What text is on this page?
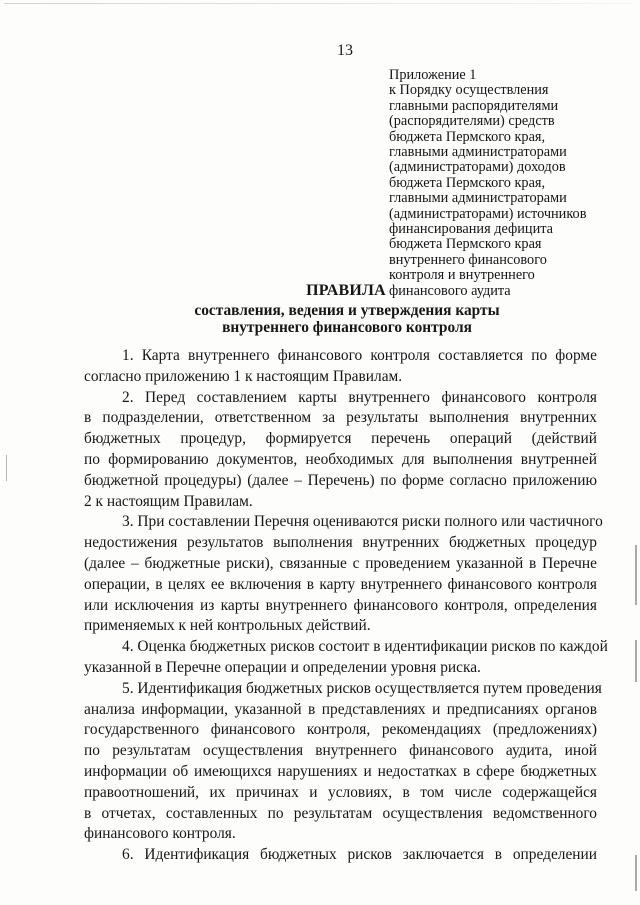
13
Приложение 1
к Порядку осуществления
главными распорядителями
(распорядителями) средств
бюджета Пермского края,
главными администраторами
(администраторами) доходов
бюджета Пермского края,
главными администраторами
(администраторами) источников
финансирования дефицита
бюджета Пермского края
внутреннего финансового
контроля и внутреннего
финансового аудита
ПРАВИЛА
составления, ведения и утверждения карты
внутреннего финансового контроля
1. Карта внутреннего финансового контроля составляется по форме
согласно приложению 1 к настоящим Правилам.
2. Перед составлением карты внутреннего финансового контроля
в подразделении, ответственном за результаты выполнения внутренних
бюджетных процедур, формируется перечень операций (действий
по формированию документов, необходимых для выполнения внутренней
бюджетной процедуры) (далее – Перечень) по форме согласно приложению
2 к настоящим Правилам.
3. При составлении Перечня оцениваются риски полного или частичного
недостижения результатов выполнения внутренних бюджетных процедур
(далее – бюджетные риски), связанные с проведением указанной в Перечне
операции, в целях ее включения в карту внутреннего финансового контроля
или исключения из карты внутреннего финансового контроля, определения
применяемых к ней контрольных действий.
4. Оценка бюджетных рисков состоит в идентификации рисков по каждой
указанной в Перечне операции и определении уровня риска.
5. Идентификация бюджетных рисков осуществляется путем проведения
анализа информации, указанной в представлениях и предписаниях органов
государственного финансового контроля, рекомендациях (предложениях)
по результатам осуществления внутреннего финансового аудита, иной
информации об имеющихся нарушениях и недостатках в сфере бюджетных
правоотношений, их причинах и условиях, в том числе содержащейся
в отчетах, составленных по результатам осуществления ведомственного
финансового контроля.
6. Идентификация бюджетных рисков заключается в определении
